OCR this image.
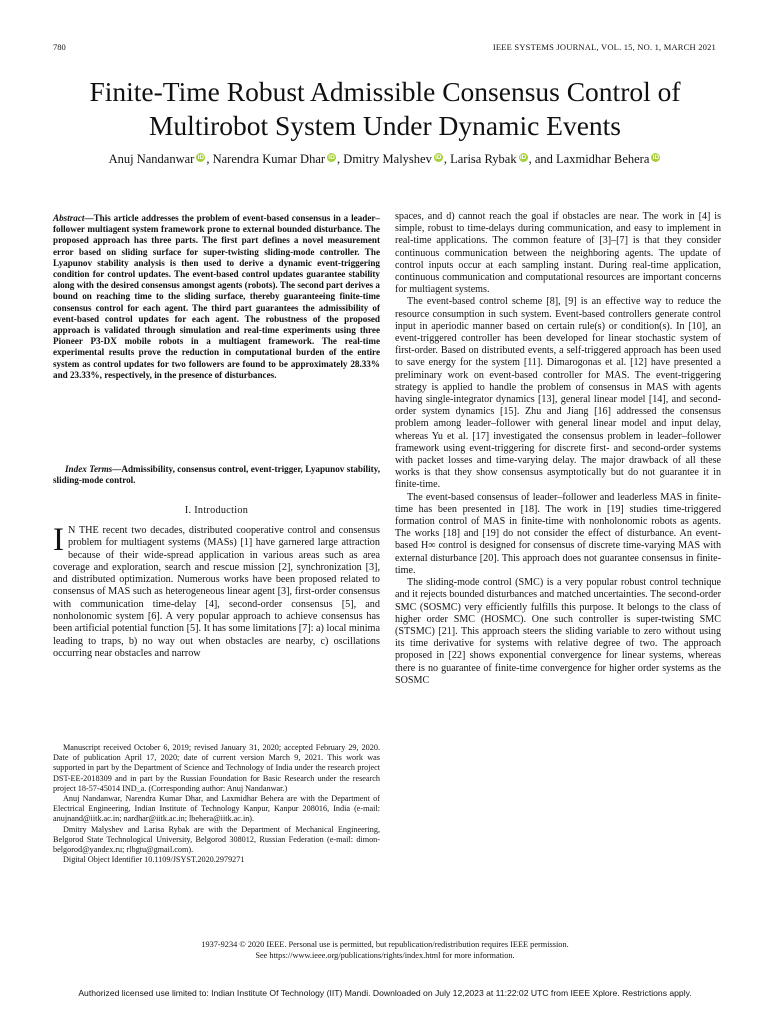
780	IEEE SYSTEMS JOURNAL, VOL. 15, NO. 1, MARCH 2021
Finite-Time Robust Admissible Consensus Control of Multirobot System Under Dynamic Events
Anuj Nandanwar iD , Narendra Kumar Dhar iD , Dmitry Malyshev iD , Larisa Rybak iD , and Laxmidhar Behera iD

Abstract—This article addresses the problem of event-based consensus in a leader–follower multiagent system framework prone to external bounded disturbance. The proposed approach has three parts. The first part defines a novel measurement error based on sliding surface for super-twisting sliding-mode controller. The Lyapunov stability analysis is then used to derive a dynamic event-triggering condition for control updates. The event-based control updates guarantee stability along with the desired consensus amongst agents (robots). The second part derives a bound on reaching time to the sliding surface, thereby guaranteeing finite-time consensus control for each agent. The third part guarantees the admissibility of event-based control updates for each agent. The robustness of the proposed approach is validated through simulation and real-time experiments using three Pioneer P3-DX mobile robots in a multiagent framework. The real-time experimental results prove the reduction in computational burden of the entire system as control updates for two followers are found to be approximately 28.33% and 23.33%, respectively, in the presence of disturbances.

Index Terms—Admissibility, consensus control, event-trigger, Lyapunov stability, sliding-mode control.

I. Introduction

I N THE recent two decades, distributed cooperative control and consensus problem for multiagent systems (MASs) [1] have garnered large attraction because of their wide-spread application in various areas such as area coverage and exploration, search and rescue mission [2], synchronization [3], and distributed optimization. Numerous works have been proposed related to consensus of MAS such as heterogeneous linear agent [3], first-order consensus with communication time-delay [4], second-order consensus [5], and nonholonomic system [6]. A very popular approach to achieve consensus has been artificial potential function [5]. It has some limitations [7]: a) local minima leading to traps, b) no way out when obstacles are nearby, c) oscillations occurring near obstacles and narrow

Manuscript received October 6, 2019; revised January 31, 2020; accepted February 29, 2020. Date of publication April 17, 2020; date of current version March 9, 2021. This work was supported in part by the Department of Science and Technology of India under the research project DST-EE-2018309 and in part by the Russian Foundation for Basic Research under the research project 18-57-45014 IND_a. (Corresponding author: Anuj Nandanwar.)

Anuj Nandanwar, Narendra Kumar Dhar, and Laxmidhar Behera are with the Department of Electrical Engineering, Indian Institute of Technology Kanpur, Kanpur 208016, India (e-mail: anujnand@iitk.ac.in; nardhar@iitk.ac.in; lbehera@iitk.ac.in).

Dmitry Malyshev and Larisa Rybak are with the Department of Mechanical Engineering, Belgorod State Technological University, Belgorod 308012, Russian Federation (e-mail: dimon-belgorod@yandex.ru; rlbgtu@gmail.com).

Digital Object Identifier 10.1109/JSYST.2020.2979271

spaces, and d) cannot reach the goal if obstacles are near. The work in [4] is simple, robust to time-delays during communication, and easy to implement in real-time applications. The common feature of [3]–[7] is that they consider continuous communication between the neighboring agents. The update of control inputs occur at each sampling instant. During real-time application, continuous communication and computational resources are important concerns for multiagent systems.

The event-based control scheme [8], [9] is an effective way to reduce the resource consumption in such system. Event-based controllers generate control input in aperiodic manner based on certain rule(s) or condition(s). In [10], an event-triggered controller has been developed for linear stochastic system of first-order. Based on distributed events, a self-triggered approach has been used to save energy for the system [11]. Dimarogonas et al. [12] have presented a preliminary work on event-based controller for MAS. The event-triggering strategy is applied to handle the problem of consensus in MAS with agents having single-integrator dynamics [13], general linear model [14], and second-order system dynamics [15]. Zhu and Jiang [16] addressed the consensus problem among leader–follower with general linear model and input delay, whereas Yu et al. [17] investigated the consensus problem in leader–follower framework using event-triggering for discrete first- and second-order systems with packet losses and time-varying delay. The major drawback of all these works is that they show consensus asymptotically but do not guarantee it in finite-time.

The event-based consensus of leader–follower and leaderless MAS in finite-time has been presented in [18]. The work in [19] studies time-triggered formation control of MAS in finite-time with nonholonomic robots as agents. The works [18] and [19] do not consider the effect of disturbance. An event-based H∞ control is designed for consensus of discrete time-varying MAS with external disturbance [20]. This approach does not guarantee consensus in finite-time.

The sliding-mode control (SMC) is a very popular robust control technique and it rejects bounded disturbances and matched uncertainties. The second-order SMC (SOSMC) very efficiently fulfills this purpose. It belongs to the class of higher order SMC (HOSMC). One such controller is super-twisting SMC (STSMC) [21]. This approach steers the sliding variable to zero without using its time derivative for systems with relative degree of two. The approach proposed in [22] shows exponential convergence for linear systems, whereas there is no guarantee of finite-time convergence for higher order systems as the SOSMC

1937-9234 © 2020 IEEE. Personal use is permitted, but republication/redistribution requires IEEE permission.
See https://www.ieee.org/publications/rights/index.html for more information.
Authorized licensed use limited to: Indian Institute Of Technology (IIT) Mandi. Downloaded on July 12,2023 at 11:22:02 UTC from IEEE Xplore. Restrictions apply.
